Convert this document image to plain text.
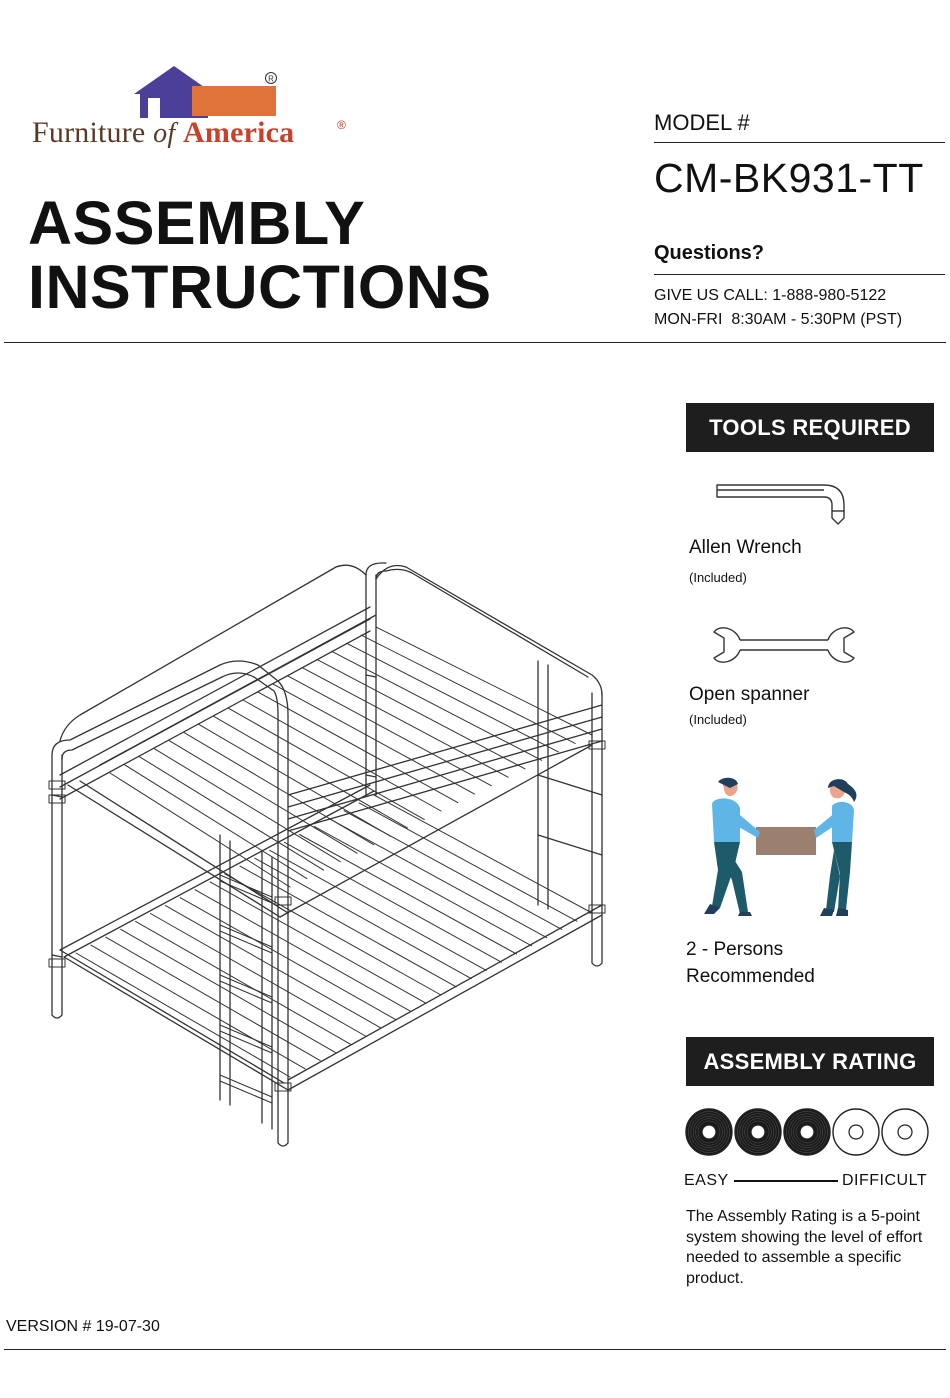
R
Furniture of America	®
ASSEMBLY
INSTRUCTIONS
MODEL #
CM-BK931-TT
Questions?
GIVE US CALL: 1-888-980-5122
MON-FRI  8:30AM - 5:30PM (PST)
TOOLS REQUIRED
Allen Wrench
(Included)
Open spanner
(Included)
2 - Persons
Recommended
ASSEMBLY RATING
EASY	DIFFICULT
The Assembly Rating is a 5-point system showing the level of effort needed to assemble a specific product.
VERSION # 19-07-30
